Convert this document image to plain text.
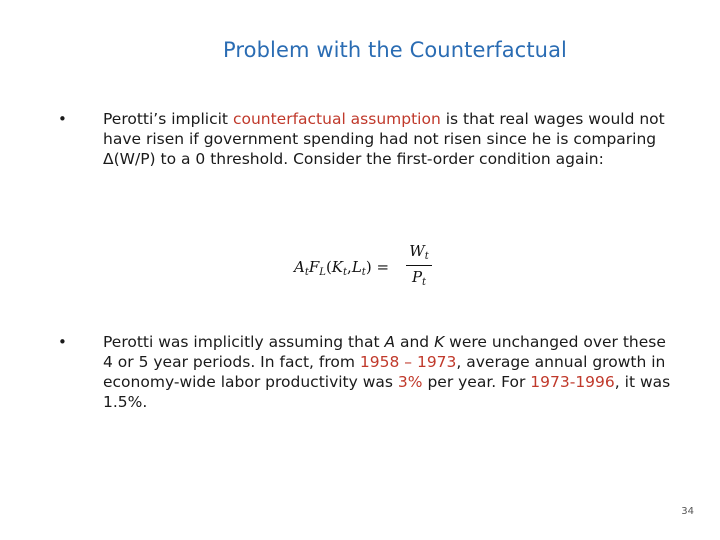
Problem with the Counterfactual
• Perotti’s implicit counterfactual assumption is that real wages would not have risen if government spending had not risen since he is comparing Δ(W/P) to a 0 threshold. Consider the first-order condition again:
• Perotti was implicitly assuming that A and K were unchanged over these 4 or 5 year periods. In fact, from 1958 – 1973, average annual growth in economy-wide labor productivity was 3% per year. For 1973-1996, it was 1.5%.
$A_tF_L(K_t,L_t)$ =
$W_t$
$P_t$
34
